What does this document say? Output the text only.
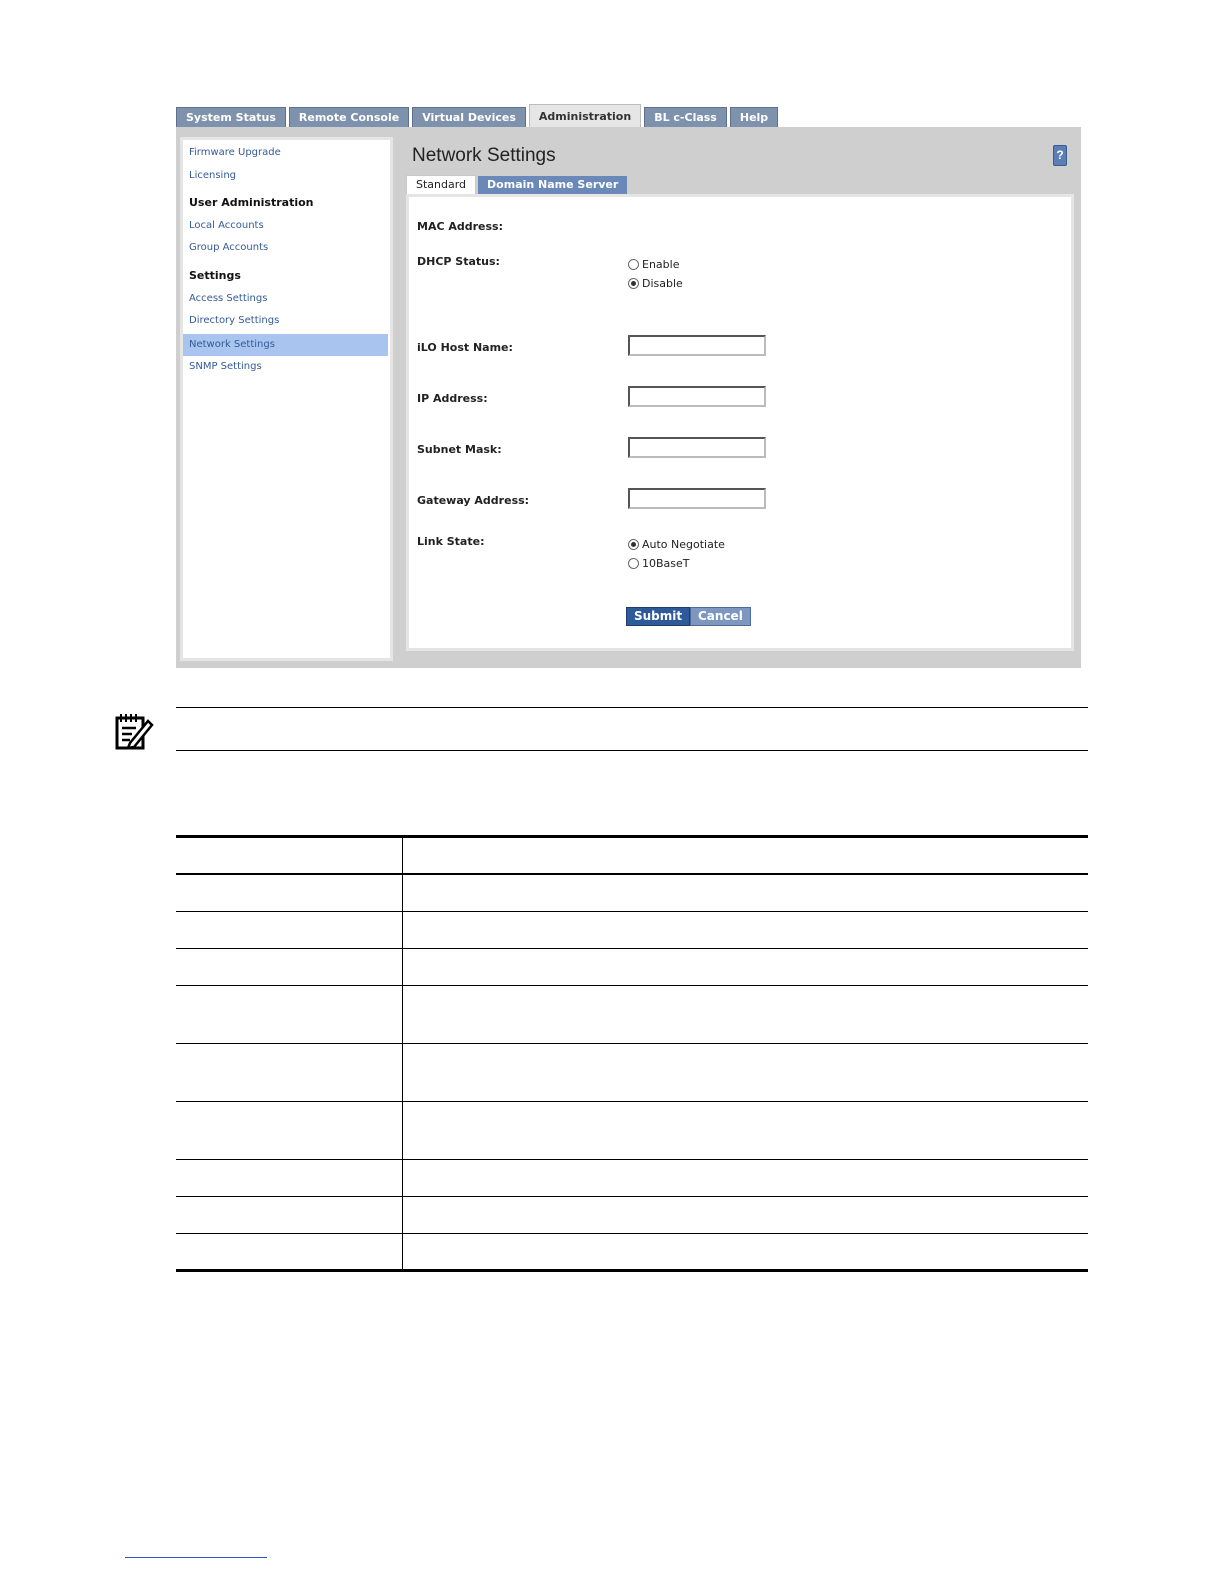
System Status	Remote Console	Virtual Devices	Administration	BL c-Class	Help
Firmware Upgrade
Licensing
User Administration
Local Accounts
Group Accounts
Settings
Access Settings
Directory Settings
Network Settings
SNMP Settings
Network Settings	?
Standard	Domain Name Server
MAC Address:
DHCP Status:	Enable
Disable
iLO Host Name:
IP Address:
Subnet Mask:
Gateway Address:
Link State:	Auto Negotiate
10BaseT
Submit	Cancel
